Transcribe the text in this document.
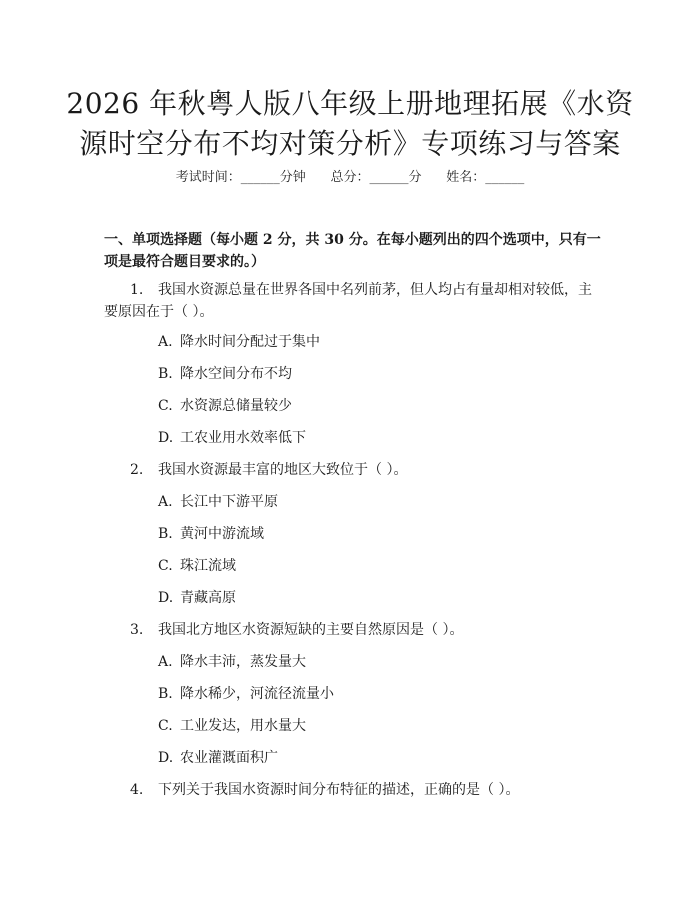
2026 年秋粤人版八年级上册地理拓展《水资
源时空分布不均对策分析》专项练习与答案
考试时间：______分钟      总分：______分      姓名：______
一、单项选择题（每小题 2 分，共 30 分。在每小题列出的四个选项中，只有一项是最符合题目要求的。）
1. 我国水资源总量在世界各国中名列前茅，但人均占有量却相对较低，主要原因在于（ ）。
A. 降水时间分配过于集中
B. 降水空间分布不均
C. 水资源总储量较少
D. 工农业用水效率低下
2. 我国水资源最丰富的地区大致位于（ ）。
A. 长江中下游平原
B. 黄河中游流域
C. 珠江流域
D. 青藏高原
3. 我国北方地区水资源短缺的主要自然原因是（ ）。
A. 降水丰沛，蒸发量大
B. 降水稀少，河流径流量小
C. 工业发达，用水量大
D. 农业灌溉面积广
4. 下列关于我国水资源时间分布特征的描述，正确的是（ ）。
